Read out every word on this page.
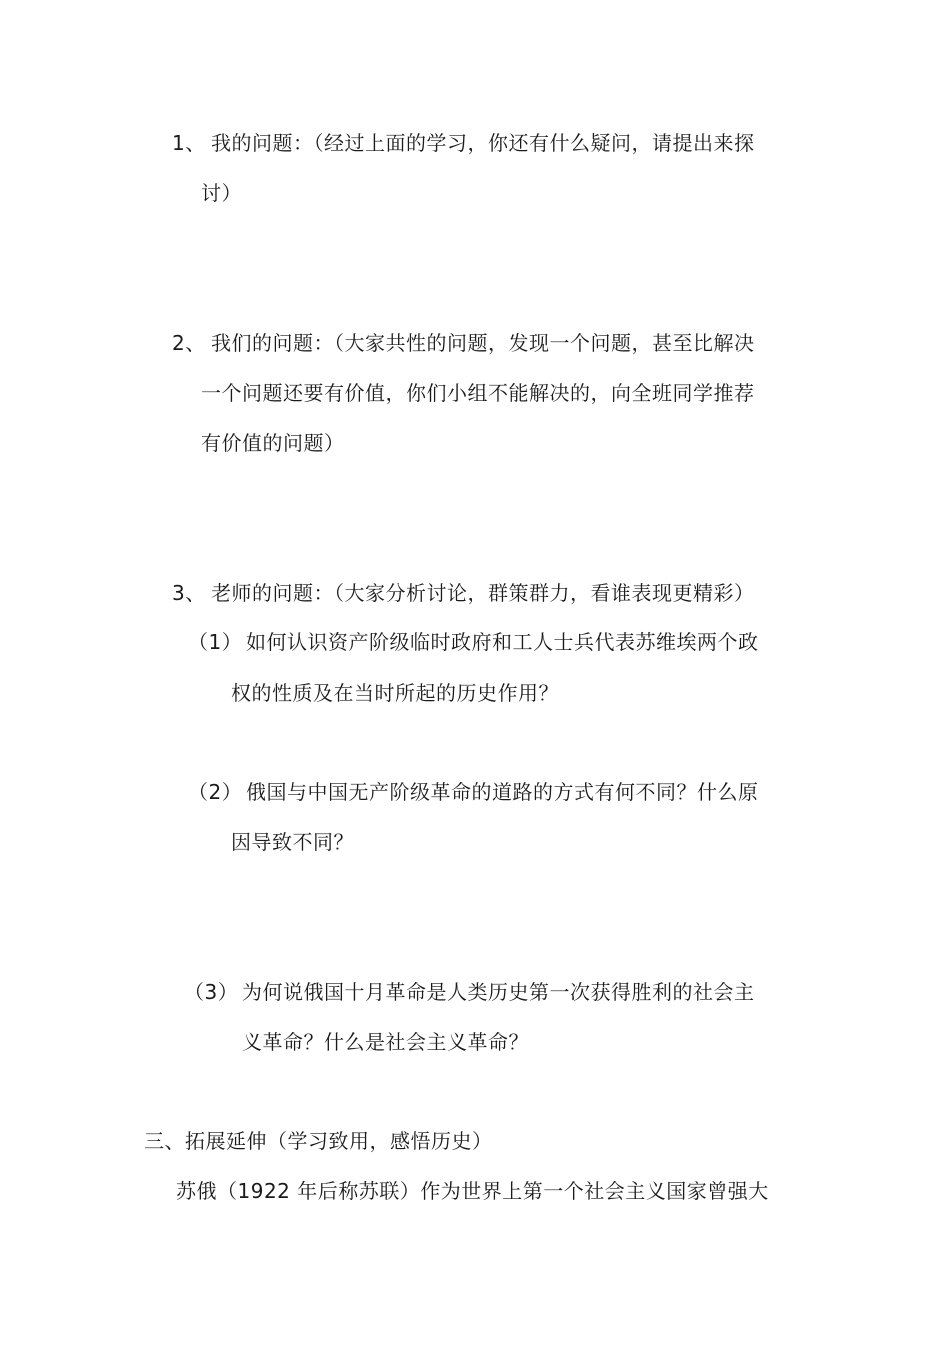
1、 我的问题：（经过上面的学习，你还有什么疑问，请提出来探
讨）
2、 我们的问题：（大家共性的问题，发现一个问题，甚至比解决
一个问题还要有价值，你们小组不能解决的，向全班同学推荐
有价值的问题）
3、 老师的问题：（大家分析讨论，群策群力，看谁表现更精彩）
（1） 如何认识资产阶级临时政府和工人士兵代表苏维埃两个政
权的性质及在当时所起的历史作用？
（2） 俄国与中国无产阶级革命的道路的方式有何不同？什么原
因导致不同？
（3） 为何说俄国十月革命是人类历史第一次获得胜利的社会主
义革命？什么是社会主义革命？
三、拓展延伸（学习致用，感悟历史）
苏俄（1922 年后称苏联）作为世界上第一个社会主义国家曾强大
